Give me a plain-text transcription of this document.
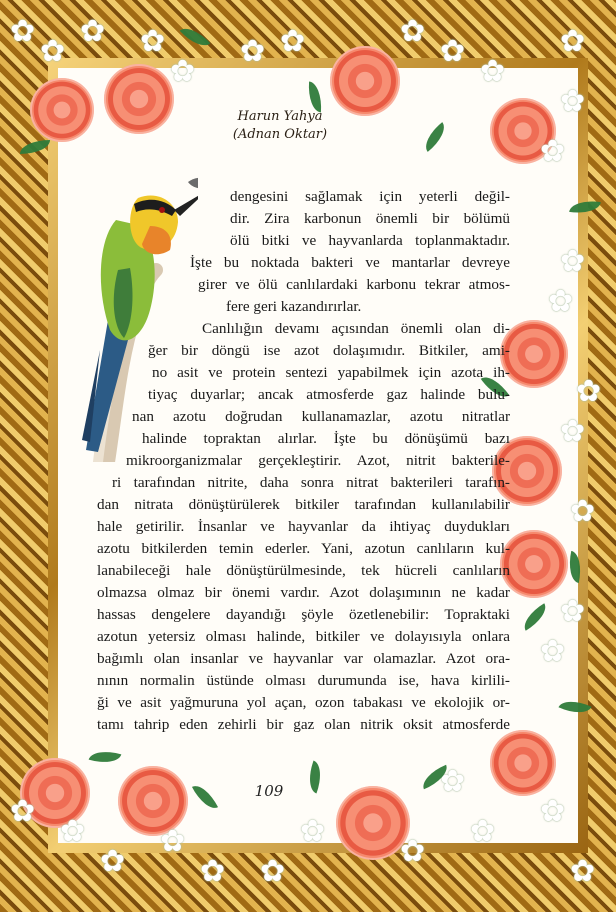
✿
✿
✿
✿
✿
✿
✿
✿
✿
✿
✿
✿
✿
✿
✿
✿
✿
✿
✿
✿
✿
✿
✿
✿
✿
✿
✿
✿
✿
✿
✿
✿
Harun Yahya
(Adnan Oktar)
dengesini sağlamak için yeterli değil-
dir. Zira karbonun önemli bir bölümü
ölü bitki ve hayvanlarda toplanmaktadır.
İşte bu noktada bakteri ve mantarlar devreye
girer ve ölü canlılardaki karbonu tekrar atmos-
fere geri kazandırırlar.
Canlılığın devamı açısından önemli olan di-
ğer bir döngü ise azot dolaşımıdır. Bitkiler, ami-
no asit ve protein sentezi yapabilmek için azota ih-
tiyaç duyarlar; ancak atmosferde gaz halinde bulu-
nan azotu doğrudan kullanamazlar, azotu nitratlar
halinde topraktan alırlar. İşte bu dönüşümü bazı
mikroorganizmalar gerçekleştirir. Azot, nitrit bakterile-
ri tarafından nitrite, daha sonra nitrat bakterileri tarafın-
dan nitrata dönüştürülerek bitkiler tarafından kullanılabilir
hale getirilir. İnsanlar ve hayvanlar da ihtiyaç duydukları
azotu bitkilerden temin ederler. Yani, azotun canlıların kul-
lanabileceği hale dönüştürülmesinde, tek hücreli canlıların
olmazsa olmaz bir önemi vardır. Azot dolaşımının ne kadar
hassas dengelere dayandığı şöyle özetlenebilir: Topraktaki
azotun yetersiz olması halinde, bitkiler ve dolayısıyla onlara
bağımlı olan insanlar ve hayvanlar var olamazlar. Azot ora-
nının normalin üstünde olması durumunda ise, hava kirlili-
ği ve asit yağmuruna yol açan, ozon tabakası ve ekolojik or-
tamı tahrip eden zehirli bir gaz olan nitrik oksit atmosferde
109
